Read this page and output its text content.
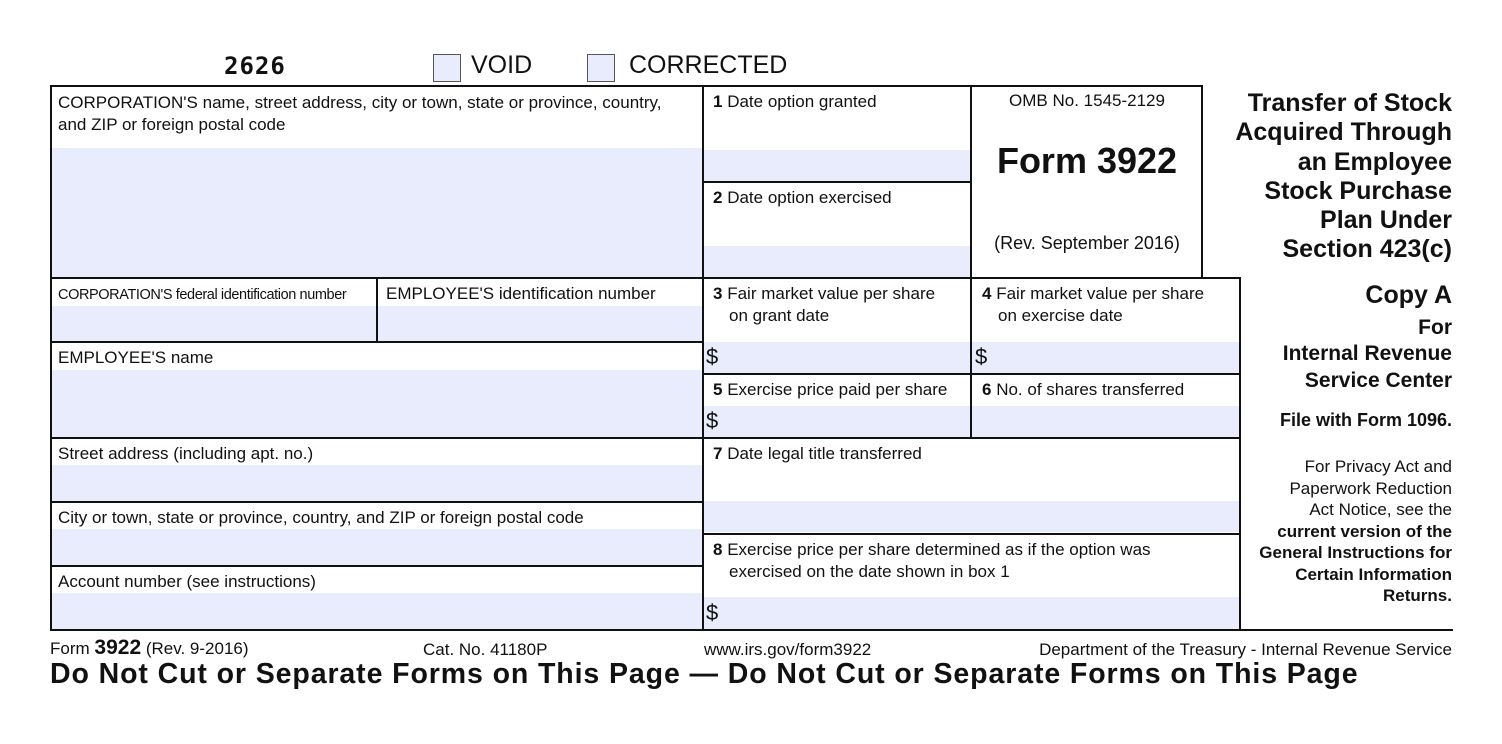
2626	VOID	CORRECTED
CORPORATION'S name, street address, city or town, state or province, country, and ZIP or foreign postal code
CORPORATION'S federal identification number EMPLOYEE'S identification number
EMPLOYEE'S name
Street address (including apt. no.)
City or town, state or province, country, and ZIP or foreign postal code
Account number (see instructions)
1 Date option granted
2 Date option exercised
3 Fair market value per share
on grant date
4 Fair market value per share
on exercise date
$	$
5 Exercise price paid per share 6 No. of shares transferred
$
7 Date legal title transferred
8 Exercise price per share determined as if the option was
exercised on the date shown in box 1
$
OMB No. 1545-2129
Form 3922
(Rev. September 2016)
Transfer of Stock
Acquired Through
an Employee
Stock Purchase
Plan Under
Section 423(c)
Copy A
For
Internal Revenue
Service Center
File with Form 1096.
For Privacy Act and
Paperwork Reduction
Act Notice, see the
current version of the
General Instructions for
Certain Information
Returns.
Form 3922 (Rev. 9-2016)	Cat. No. 41180P	www.irs.gov/form3922	Department of the Treasury - Internal Revenue Service
Do Not Cut or Separate Forms on This Page — Do Not Cut or Separate Forms on This Page
